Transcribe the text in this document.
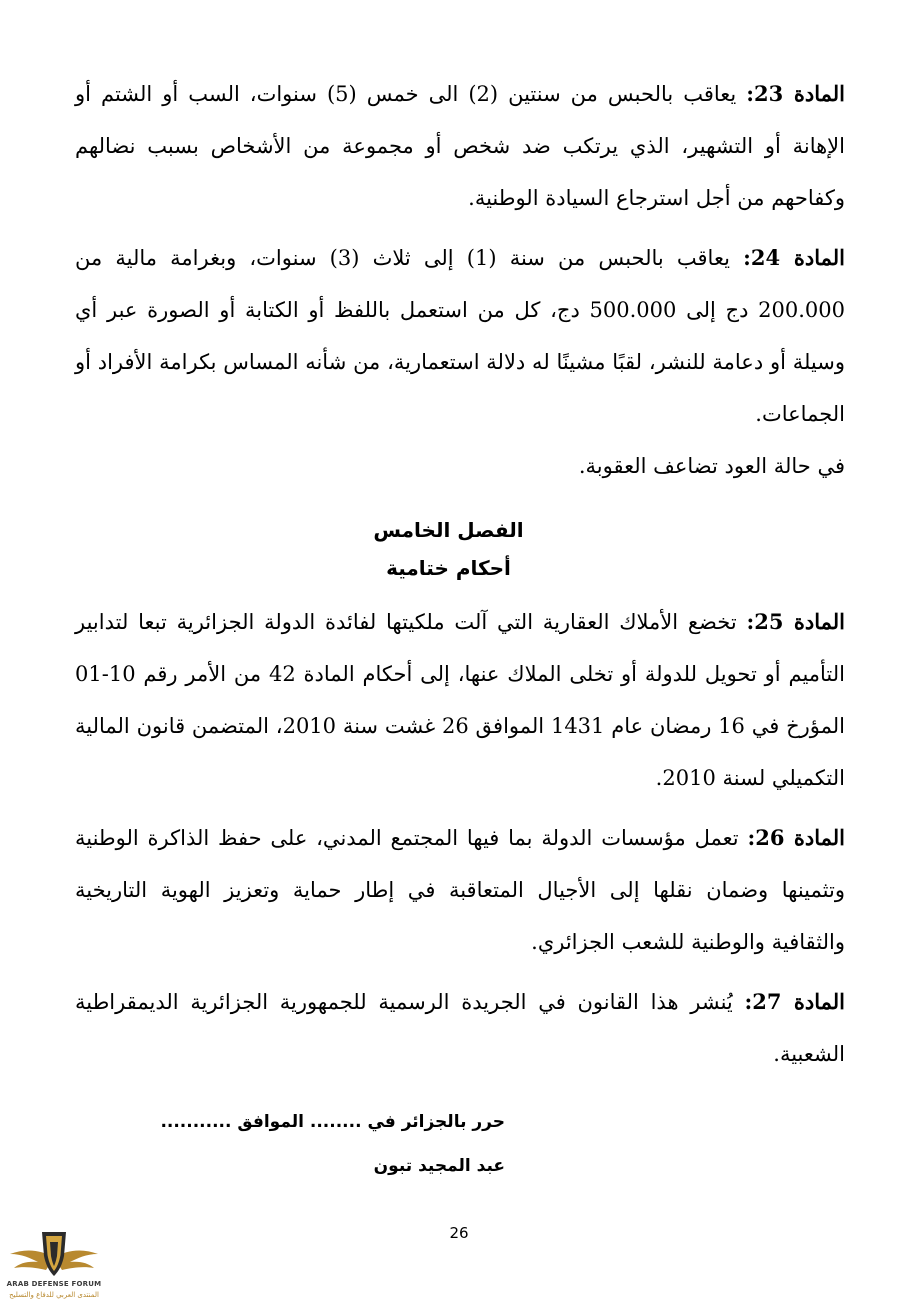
المادة 23: يعاقب بالحبس من سنتين (2) الى خمس (5) سنوات، السب أو الشتم أو الإهانة أو التشهير، الذي يرتكب ضد شخص أو مجموعة من الأشخاص بسبب نضالهم وكفاحهم من أجل استرجاع السيادة الوطنية.

المادة 24: يعاقب بالحبس من سنة (1) إلى ثلاث (3) سنوات، وبغرامة مالية من 200.000 دج إلى 500.000 دج، كل من استعمل باللفظ أو الكتابة أو الصورة عبر أي وسيلة أو دعامة للنشر، لقبًا مشينًا له دلالة استعمارية، من شأنه المساس بكرامة الأفراد أو الجماعات.

في حالة العود تضاعف العقوبة.

الفصل الخامس
أحكام ختامية

المادة 25: تخضع الأملاك العقارية التي آلت ملكيتها لفائدة الدولة الجزائرية تبعا لتدابير التأميم أو تحويل للدولة أو تخلى الملاك عنها، إلى أحكام المادة 42 من الأمر رقم 10-01 المؤرخ في 16 رمضان عام 1431 الموافق 26 غشت سنة 2010، المتضمن قانون المالية التكميلي لسنة 2010.

المادة 26: تعمل مؤسسات الدولة بما فيها المجتمع المدني، على حفظ الذاكرة الوطنية وتثمينها وضمان نقلها إلى الأجيال المتعاقبة في إطار حماية وتعزيز الهوية التاريخية والثقافية والوطنية للشعب الجزائري.

المادة 27: يُنشر هذا القانون في الجريدة الرسمية للجمهورية الجزائرية الديمقراطية الشعبية.

حرر بالجزائر في ........ الموافق ...........

عبد المجيد تبون

26
ARAB DEFENSE FORUM
المنتدى العربي للدفاع والتسليح
